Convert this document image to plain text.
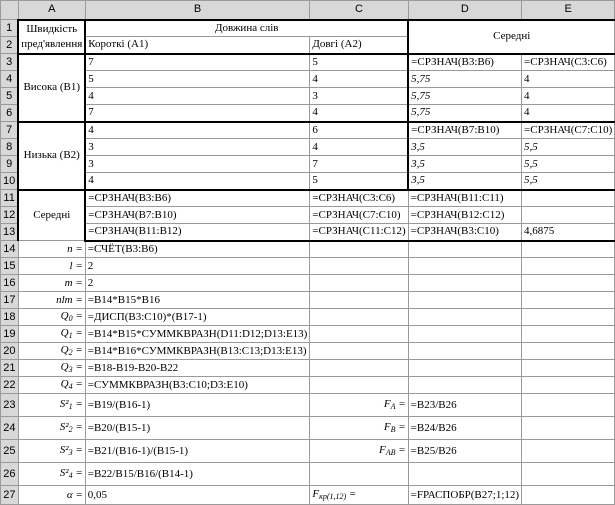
	A	B	C	D	E
1	Швидкість пред'явлення	Довжина слів		Середні	
2		Короткі (А1)	Довгі (А2)		
3	Висока (В1)	7	5	=СРЗНАЧ(B3:B6)	=СРЗНАЧ(C3:C6)
4		5	4	5,75	4
5		4	3	5,75	4
6		7	4	5,75	4
7	Низька (В2)	4	6	=СРЗНАЧ(B7:B10)	=СРЗНАЧ(C7:C10)
8		3	4	3,5	5,5
9		3	7	3,5	5,5
10		4	5	3,5	5,5
11	Середні	=СРЗНАЧ(B3:B6)	=СРЗНАЧ(C3:C6)	=СРЗНАЧ(B11:C11)	
12		=СРЗНАЧ(B7:B10)	=СРЗНАЧ(C7:C10)	=СРЗНАЧ(B12:C12)	
13		=СРЗНАЧ(B11:B12)	=СРЗНАЧ(C11:C12)	=СРЗНАЧ(B3:C10)	4,6875
14	n =	=СЧЁТ(B3:B6)			
15	l =	2			
16	m =	2			
17	nlm =	=B14*B15*B16			
18	$Q_0$ =	=ДИСП(B3:C10)*(B17-1)			
19	$Q_1$ =	=B14*B15*СУММКВРАЗН(D11:D12;D13:E13)			
20	$Q_2$ =	=B14*B16*СУММКВРАЗН(B13:C13;D13:E13)			
21	$Q_3$ =	=B18-B19-B20-B22			
22	$Q_4$ =	=СУММКВРАЗН(B3:C10;D3:E10)			
23	$S^2_1$ =	=B19/(B16-1)	$F_A$ =	=B23/B26	
24	$S^2_2$ =	=B20/(B15-1)	$F_B$ =	=B24/B26	
25	$S^2_3$ =	=B21/(B16-1)/(B15-1)	$F_{AB}$ =	=B25/B26	
26	$S^2_4$ =	=B22/B15/B16/(B14-1)			
27	α =	0,05	$F_{кр(1,12)}$ =	=FРАСПОБР(B27;1;12)	
